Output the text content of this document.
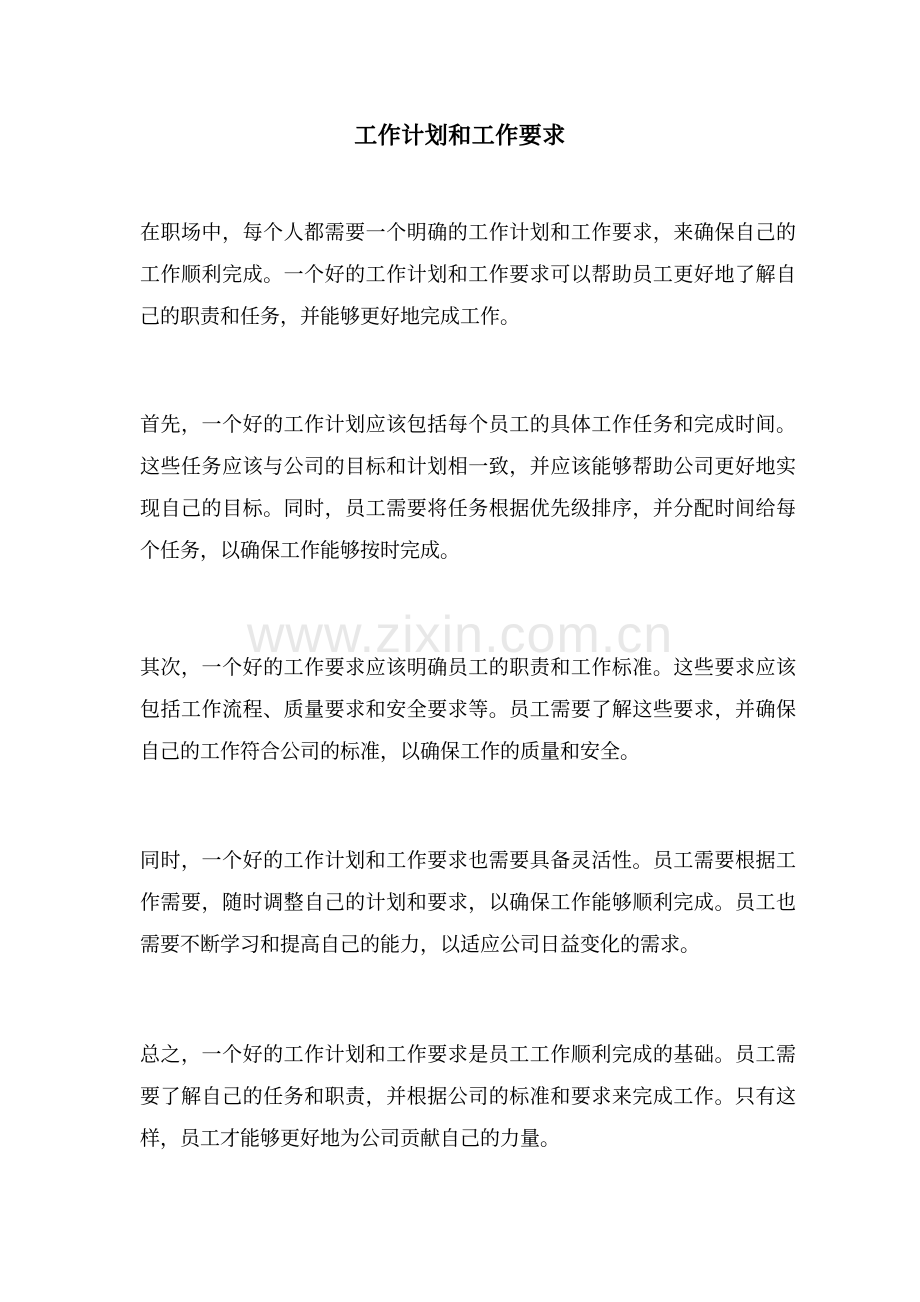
工作计划和工作要求

在职场中，每个人都需要一个明确的工作计划和工作要求，来确保自己的工作顺利完成。一个好的工作计划和工作要求可以帮助员工更好地了解自己的职责和任务，并能够更好地完成工作。

首先，一个好的工作计划应该包括每个员工的具体工作任务和完成时间。这些任务应该与公司的目标和计划相一致，并应该能够帮助公司更好地实现自己的目标。同时，员工需要将任务根据优先级排序，并分配时间给每个任务，以确保工作能够按时完成。

其次，一个好的工作要求应该明确员工的职责和工作标准。这些要求应该包括工作流程、质量要求和安全要求等。员工需要了解这些要求，并确保自己的工作符合公司的标准，以确保工作的质量和安全。

同时，一个好的工作计划和工作要求也需要具备灵活性。员工需要根据工作需要，随时调整自己的计划和要求，以确保工作能够顺利完成。员工也需要不断学习和提高自己的能力，以适应公司日益变化的需求。

总之，一个好的工作计划和工作要求是员工工作顺利完成的基础。员工需要了解自己的任务和职责，并根据公司的标准和要求来完成工作。只有这样，员工才能够更好地为公司贡献自己的力量。

www.zixin.com.cn
